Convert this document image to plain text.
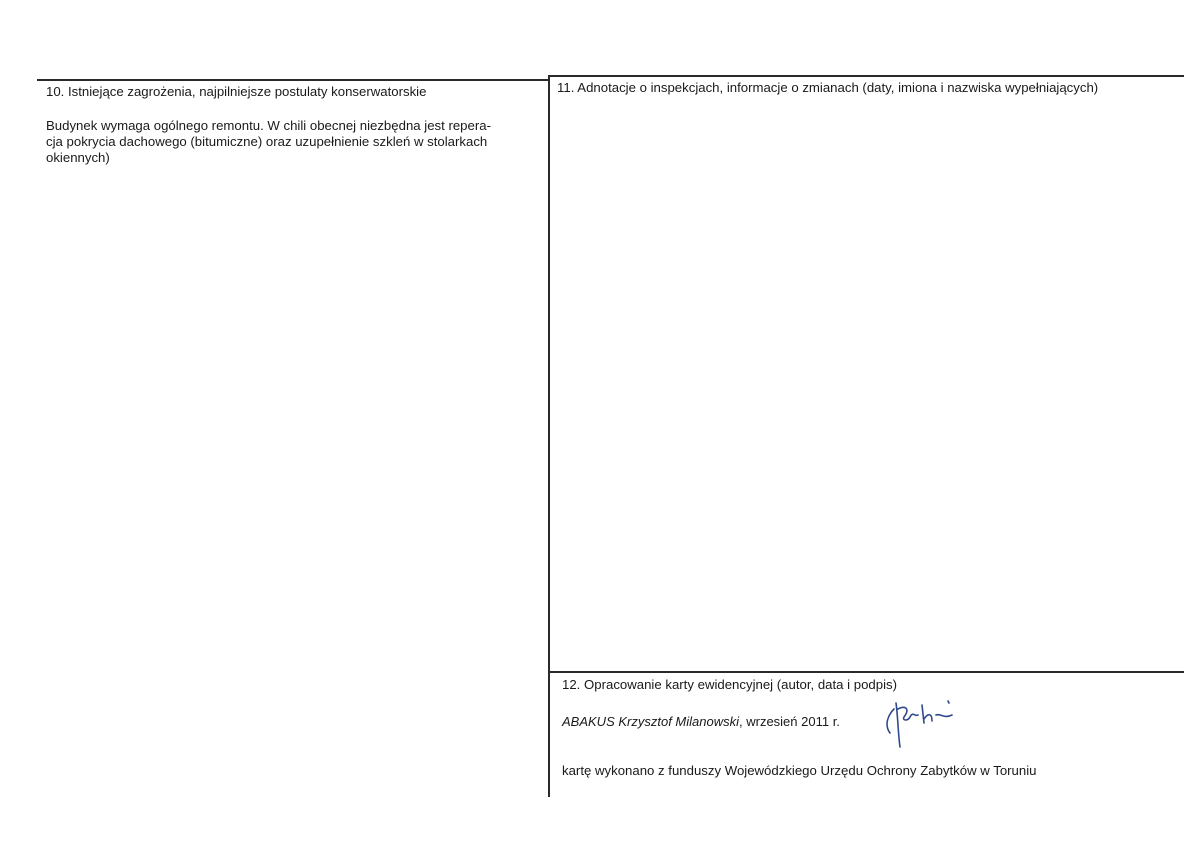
10. Istniejące zagrożenia, najpilniejsze postulaty konserwatorskie
Budynek wymaga ogólnego remontu. W chili obecnej niezbędna jest repera-
cja pokrycia dachowego (bitumiczne) oraz uzupełnienie szkleń w stolarkach
okiennych)
11. Adnotacje o inspekcjach, informacje o zmianach (daty, imiona i nazwiska wypełniających)
12. Opracowanie karty ewidencyjnej (autor, data i podpis)
ABAKUS Krzysztof Milanowski, wrzesień 2011 r.
kartę wykonano z funduszy Wojewódzkiego Urzędu Ochrony Zabytków w Toruniu
